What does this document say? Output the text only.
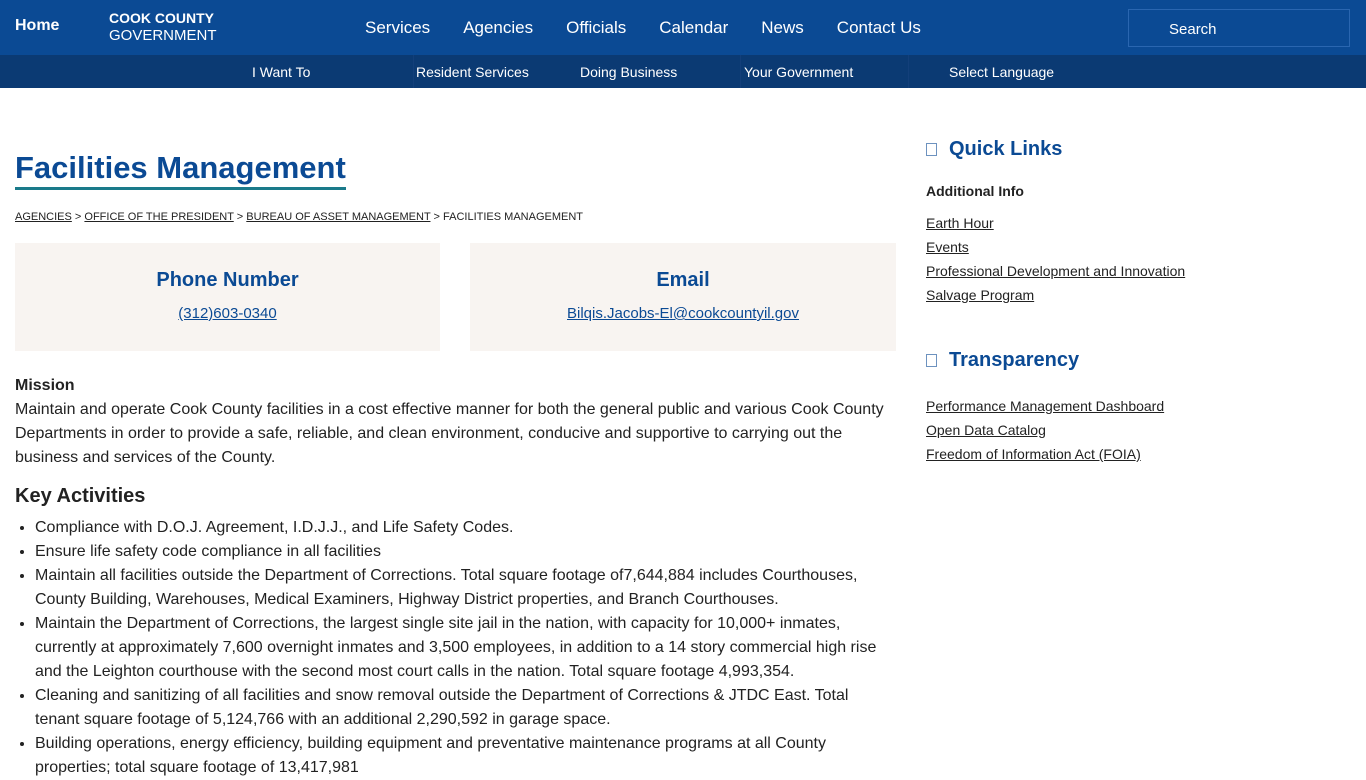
Home	COOK COUNTY
GOVERNMENT	Services Agencies Officials Calendar News Contact Us	Search
I Want To	Resident Services	Doing Business	Your Government	Select Language
Facilities Management
AGENCIES > OFFICE OF THE PRESIDENT > BUREAU OF ASSET MANAGEMENT > FACILITIES MANAGEMENT
Phone Number
(312)603-0340
Email
Bilqis.Jacobs-El@cookcountyil.gov
Mission

Maintain and operate Cook County facilities in a cost effective manner for both the general public and various Cook County Departments in order to provide a safe, reliable, and clean environment, conducive and supportive to carrying out the business and services of the County.

Key Activities
• Compliance with D.O.J. Agreement, I.D.J.J., and Life Safety Codes.
• Ensure life safety code compliance in all facilities
• Maintain all facilities outside the Department of Corrections. Total square footage of7,644,884 includes Courthouses, County Building, Warehouses, Medical Examiners, Highway District properties, and Branch Courthouses.
• Maintain the Department of Corrections, the largest single site jail in the nation, with capacity for 10,000+ inmates, currently at approximately 7,600 overnight inmates and 3,500 employees, in addition to a 14 story commercial high rise and the Leighton courthouse with the second most court calls in the nation. Total square footage 4,993,354.
• Cleaning and sanitizing of all facilities and snow removal outside the Department of Corrections & JTDC East. Total tenant square footage of 5,124,766 with an additional 2,290,592 in garage space.
• Building operations, energy efficiency, building equipment and preventative maintenance programs at all County properties; total square footage of 13,417,981
Quick Links
Additional Info
Earth Hour
Events
Professional Development and Innovation
Salvage Program
Transparency
Performance Management Dashboard
Open Data Catalog
Freedom of Information Act (FOIA)
